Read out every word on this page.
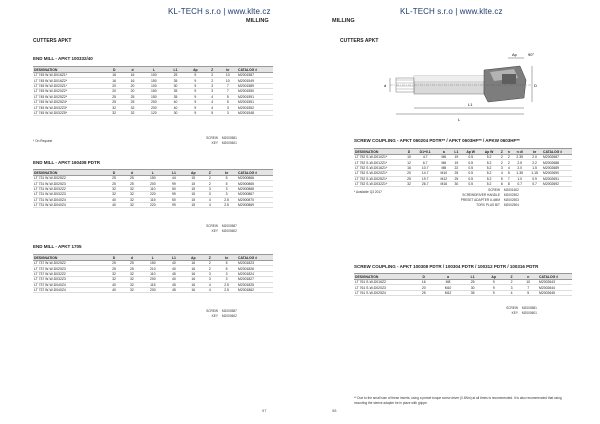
KL-TECH s.r.o | www.klte.cz
MILLING
CUTTERS APKT
END MILL - APKT 100332/40
DESIGNATION	D	d	L	L1	Ap	Z	kr	CATALOG #
LT 745 W-W-D016Z1*	16	16	100	25	9	2	10	M2001587
LT 745 W-W-D016Z2*	16	16	150	35	9	2	10	M2001549
LT 745 W-W-D020Z1*	20	20	100	30	9	3	7	M2001589
LT 745 W-W-D020Z2*	20	20	150	35	9	3	7	M2001550
LT 745 W-W-D025Z2*	25	25	150	35	9	4	5	M2001591
LT 745 W-W-D025Z4*	25	25	200	40	9	4	5	M2001551
LT 745 W-W-D032Z3*	32	32	200	40	9	4	3	M2001552
LT 745 W-W-D032Z5*	32	32	120	30	9	5	3	M2001548
* On Request
SCREW M2000581
KEY M2000601
END MILL - APKT 160408 PDTR
DESIGNATION	D	d	L	L1	Ap	Z	kr	CATALOG #
LT 731 W-W-D025Z2	25	25	150	44	15	2	5	M2000866
LT 731 W-W-D025Z3	25	25	200	99	15	2	5	M2000865
LT 731 W-W-D032Z2	32	32	110	50	15	3	3	M2000868
LT 731 W-W-D032Z3	32	32	220	99	15	3	3	M2000867
LT 731 W-W-D040Z4	40	32	115	50	15	4	2.5	M2000870
LT 731 W-W-D040Z4	40	32	220	99	15	4	2.5	M2000869
SCREW M2000587
KEY M2000602
END MILL - APKT 1705
DESIGNATION	D	d	L	L1	Ap	Z	kr	CATALOG #
LT 737 W-W-D025Z2	25	25	150	40	16	2	5	M2001823
LT 737 W-W-D025Z3	25	25	210	40	16	2	5	M2001826
LT 737 W-W-D032Z2	32	32	110	45	16	3	3	M2001824
LT 737 W-W-D032Z3	32	32	200	40	16	3	3	M2001827
LT 737 W-W-D040Z4	40	32	115	45	16	4	2.5	M2001825
LT 737 W-W-D040Z4	40	32	200	45	16	4	2.5	M2001862
SCREW M2000587
KEY M2000602
97
KL-TECH s.r.o | www.klte.cz
MILLING
CUTTERS APKT
98
Ap	90°
D
d
L1
L
SCREW COUPLING - APKT 060204 PDTR** / APKT 0603HF** / APKW 0603HF**
DESIGNATION	D	D1+0.1	a	L1	Ap W	Ap W	Z	n	n dl	kr	CATALOG #
LT 752 S-W-D010Z1*	10	4.7	M6	19	0.5	5.2	2	2	2.35	2.0	M2002687
LT 752 S-W-D012Z1*	12	6.7	M6	19	0.5	5.2	2	2	2.5	2.2	M2002688
LT 752 S-W-D016Z1*	16	10.7	M8	22	0.5	5.2	3	4	2.0	1.5	M2002689
LT 752 S-W-D020Z1*	20	14.7	M10	25	0.5	5.2	4	5	1.35	1.15	M2002690
LT 752 S-W-D025Z1*	25	19.7	M12	25	0.5	5.2	5	7	1.0	0.9	M2002691
LT 752 S-W-D032Z1*	32	26.7	M16	30	0.5	5.2	6	8	0.7	0.7	M2002692
* Available Q3 2017	SCREW M2001602
SCREWDRIVER HANDLE M2002502
PRESET ADAPTER 6-4MM M2002503
TORX PLUS BIT M2002504
SCREW COUPLING - APKT 100308 PDTR / 100304 PDTR / 100312 PDTR / 100316 PDTR
DESIGNATION	D	a	L1	Ap	Z	n	CATALOG #
LT 761 S-W-D016Z2	16	M8	25	9	2	10	M2002643
LT 761 S-W-D020Z3	20	M10	30	9	3	7	M2002644
LT 761 S-W-D025Z4	25	M12	35	9	4	5	M2002645
SCREW M2000581
KEY M2000601
** Due to the small size of these inserts, using a preset torque screw driver (0.6Nm) at all times is recommended. It is also recommended that using mounting the sleeve adapter be in place with grippe.
